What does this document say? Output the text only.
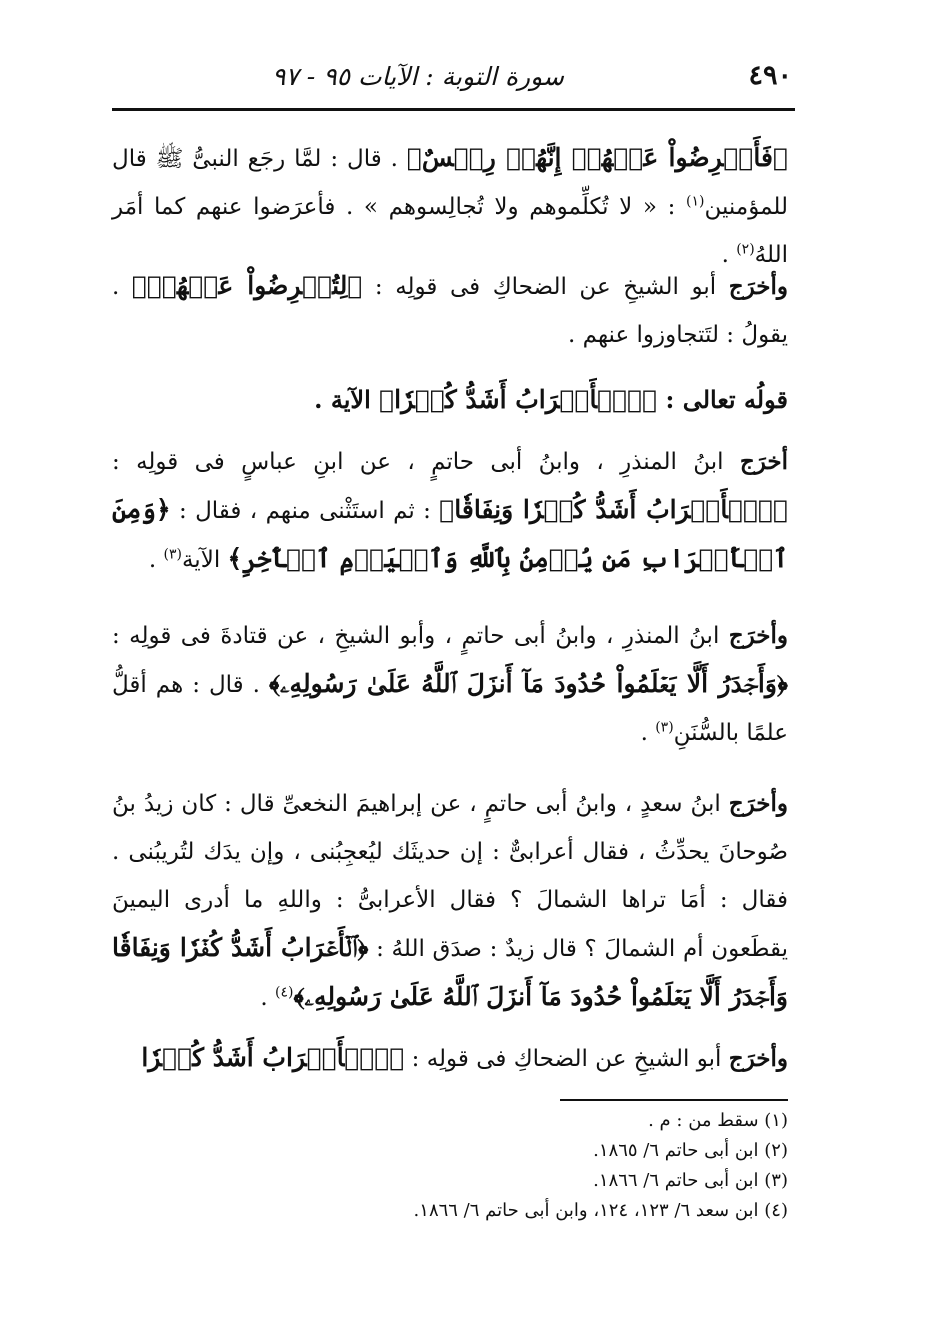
٤٩٠
سورة التوبة : الآيات ٩٥ - ٩٧

﴿فَأَعۡرِضُواْ عَنۡهُمۡ إِنَّهُمۡ رِجۡسٌ﴾ . قال : لمَّا رجَع النبىُّ ﷺ قال للمؤمنين$^{(١)}$ : « لا تُكلِّموهم ولا تُجالِسوهم » . فأعرَضوا عنهم كما أمَر اللهُ$^{(٢)}$ .

وأخرَج أبو الشيخِ عن الضحاكِ فى قولِه : ﴿لِتُعۡرِضُواْ عَنۡهُمۡ﴾ . يقولُ : لتَتجاوزوا عنهم .

قولُه تعالى : ﴿ٱلۡأَعۡرَابُ أَشَدُّ كُفۡرٗا﴾ الآية .

أخرَج ابنُ المنذرِ ، وابنُ أبى حاتمٍ ، عن ابنِ عباسٍ فى قولِه : ﴿ٱلۡأَعۡرَابُ أَشَدُّ كُفۡرٗا وَنِفَاقٗا﴾ : ثم استَثْنى منهم ، فقال : ﴿وَمِنَ ٱلۡأَعۡرَابِ مَن يُؤۡمِنُ بِٱللَّهِ وَٱلۡيَوۡمِ ٱلۡأٓخِرِ﴾ الآية$^{(٣)}$ .

وأخرَج ابنُ المنذرِ ، وابنُ أبى حاتمٍ ، وأبو الشيخِ ، عن قتادةَ فى قولِه : ﴿وَأَجۡدَرُ أَلَّا يَعۡلَمُواْ حُدُودَ مَآ أَنزَلَ ٱللَّهُ عَلَىٰ رَسُولِهِۦ﴾ . قال : هم أقلُّ علمًا بالسُّنَنِ$^{(٣)}$ .

وأخرَج ابنُ سعدٍ ، وابنُ أبى حاتمٍ ، عن إبراهيمَ النخعىِّ قال : كان زيدُ بنُ صُوحانَ يحدِّثُ ، فقال أعرابىٌّ : إن حديثَك ليُعجِبُنى ، وإن يدَك لتُريبُنى . فقال : أمَا تراها الشمالَ ؟ فقال الأعرابىُّ : واللهِ ما أدرى اليمينَ يقطَعون أم الشمالَ ؟ قال زيدٌ : صدَق اللهُ : ﴿ٱلۡأَعۡرَابُ أَشَدُّ كُفۡرٗا وَنِفَاقٗا وَأَجۡدَرُ أَلَّا يَعۡلَمُواْ حُدُودَ مَآ أَنزَلَ ٱللَّهُ عَلَىٰ رَسُولِهِۦ﴾$^{(٤)}$ .

وأخرَج أبو الشيخِ عن الضحاكِ فى قولِه : ﴿ٱلۡأَعۡرَابُ أَشَدُّ كُفۡرٗا

(١) سقط من : م .
(٢) ابن أبى حاتم ٦/ ١٨٦٥.
(٣) ابن أبى حاتم ٦/ ١٨٦٦.
(٤) ابن سعد ٦/ ١٢٣، ١٢٤، وابن أبى حاتم ٦/ ١٨٦٦.
